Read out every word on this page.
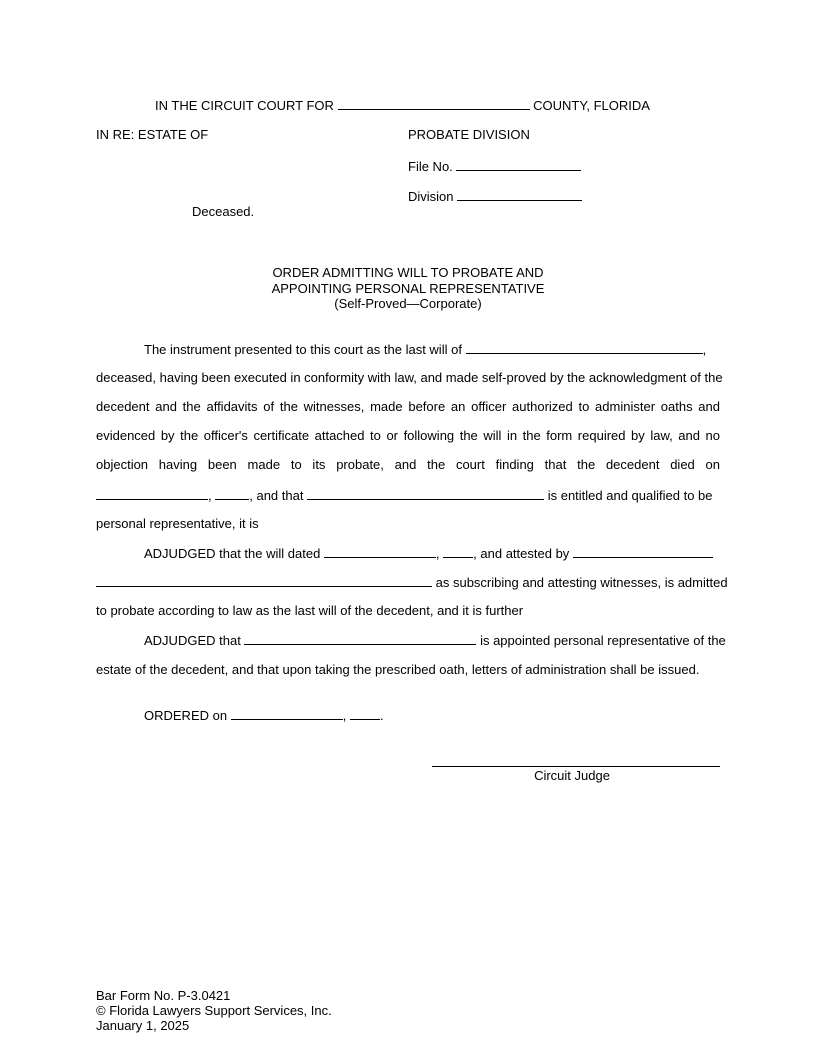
IN THE CIRCUIT COURT FOR	COUNTY, FLORIDA
IN RE: ESTATE OF	PROBATE DIVISION
File No.
Division
Deceased.
ORDER ADMITTING WILL TO PROBATE AND
APPOINTING PERSONAL REPRESENTATIVE
(Self-Proved—Corporate)
The instrument presented to this court as the last will of	,
deceased, having been executed in conformity with law, and made self-proved by the acknowledgment of the
decedent and the affidavits of the witnesses, made before an officer authorized to administer oaths and
evidenced by the officer's certificate attached to or following the will in the form required by law, and no
objection having been made to its probate, and the court finding that the decedent died on
,	, and that	is entitled and qualified to be
personal representative, it is
ADJUDGED that the will dated	,	, and attested by
as subscribing and attesting witnesses, is admitted
to probate according to law as the last will of the decedent, and it is further
ADJUDGED that	is appointed personal representative of the
estate of the decedent, and that upon taking the prescribed oath, letters of administration shall be issued.
ORDERED on	,	.
Circuit Judge
Bar Form No. P-3.0421
© Florida Lawyers Support Services, Inc.
January 1, 2025
